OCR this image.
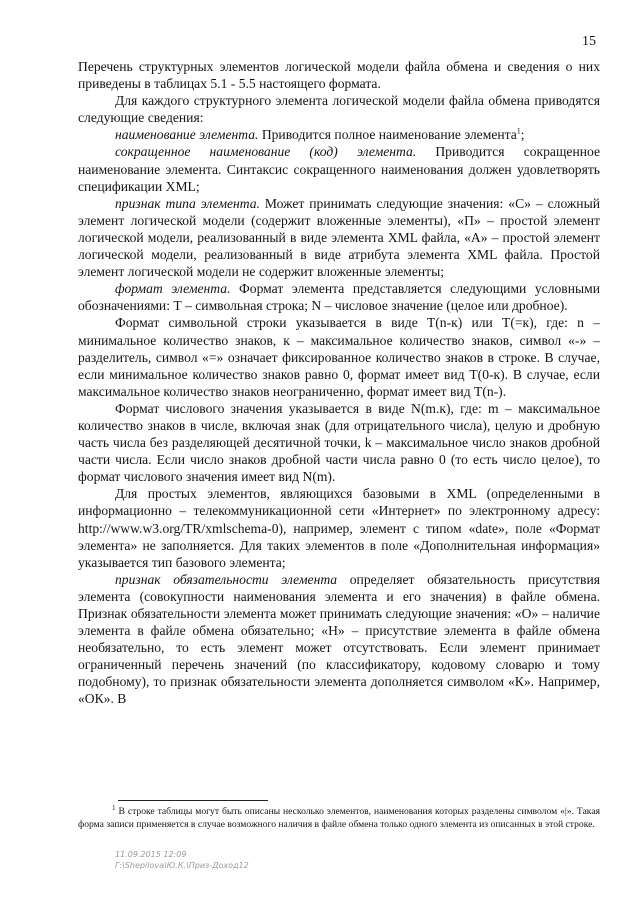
15

Перечень структурных элементов логической модели файла обмена и сведения о них приведены в таблицах 5.1 - 5.5 настоящего формата.

Для каждого структурного элемента логической модели файла обмена приводятся следующие сведения:

наименование элемента. Приводится полное наименование элемента$^1$;

сокращенное наименование (код) элемента. Приводится сокращенное наименование элемента. Синтаксис сокращенного наименования должен удовлетворять спецификации XML;

признак типа элемента. Может принимать следующие значения: «С» – сложный элемент логической модели (содержит вложенные элементы), «П» – простой элемент логической модели, реализованный в виде элемента XML файла, «А» – простой элемент логической модели, реализованный в виде атрибута элемента XML файла. Простой элемент логической модели не содержит вложенные элементы;

формат элемента. Формат элемента представляется следующими условными обозначениями: Т – символьная строка; N – числовое значение (целое или дробное).

Формат символьной строки указывается в виде Т(n-к) или Т(=к), где: n – минимальное количество знаков, к – максимальное количество знаков, символ «-» – разделитель, символ «=» означает фиксированное количество знаков в строке. В случае, если минимальное количество знаков равно 0, формат имеет вид Т(0-к). В случае, если максимальное количество знаков неограниченно, формат имеет вид Т(n-).

Формат числового значения указывается в виде N(m.к), где: m – максимальное количество знаков в числе, включая знак (для отрицательного числа), целую и дробную часть числа без разделяющей десятичной точки, k – максимальное число знаков дробной части числа. Если число знаков дробной части числа равно 0 (то есть число целое), то формат числового значения имеет вид N(m).

Для простых элементов, являющихся базовыми в XML (определенными в информационно – телекоммуникационной сети «Интернет» по электронному адресу: http://www.w3.org/TR/xmlschema-0), например, элемент с типом «date», поле «Формат элемента» не заполняется. Для таких элементов в поле «Дополнительная информация» указывается тип базового элемента;

признак обязательности элемента определяет обязательность присутствия элемента (совокупности наименования элемента и его значения) в файле обмена. Признак обязательности элемента может принимать следующие значения: «О» – наличие элемента в файле обмена обязательно; «Н» – присутствие элемента в файле обмена необязательно, то есть элемент может отсутствовать. Если элемент принимает ограниченный перечень значений (по классификатору, кодовому словарю и тому подобному), то признак обязательности элемента дополняется символом «К». Например, «ОК». В

$^1$ В строке таблицы могут быть описаны несколько элементов, наименования которых разделены символом «|». Такая форма записи применяется в случае возможного наличия в файле обмена только одного элемента из описанных в этой строке.

11.09.2015 12:09
Г:\Shepilova\Ю.К.\Приз-Доход12
